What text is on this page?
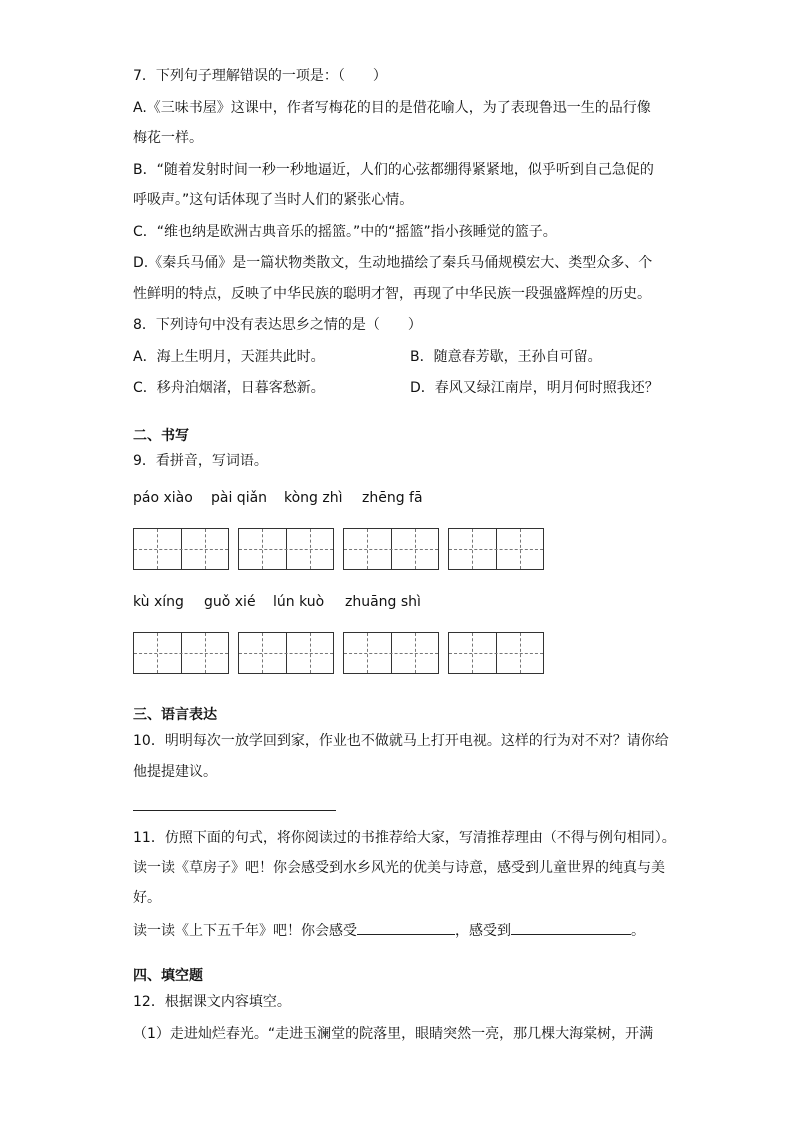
7．下列句子理解错误的一项是：（　　）
A.《三味书屋》这课中，作者写梅花的目的是借花喻人，为了表现鲁迅一生的品行像
梅花一样。
B．“随着发射时间一秒一秒地逼近，人们的心弦都绷得紧紧地，似乎听到自己急促的
呼吸声。”这句话体现了当时人们的紧张心情。
C．“维也纳是欧洲古典音乐的摇篮。”中的“摇篮”指小孩睡觉的篮子。
D.《秦兵马俑》是一篇状物类散文，生动地描绘了秦兵马俑规模宏大、类型众多、个
性鲜明的特点，反映了中华民族的聪明才智，再现了中华民族一段强盛辉煌的历史。
8．下列诗句中没有表达思乡之情的是（　　）
A．海上生明月，天涯共此时。	B．随意春芳歇，王孙自可留。
C．移舟泊烟渚，日暮客愁新。	D．春风又绿江南岸，明月何时照我还？
二、书写
9．看拼音，写词语。
páo xiào pài qiǎn kòng zhì zhēng fā
kù xíng guǒ xié lún kuò zhuāng shì
三、语言表达
10．明明每次一放学回到家，作业也不做就马上打开电视。这样的行为对不对？请你给
他提提建议。
11．仿照下面的句式，将你阅读过的书推荐给大家，写清推荐理由（不得与例句相同）。
读一读《草房子》吧！你会感受到水乡风光的优美与诗意，感受到儿童世界的纯真与美
好。
读一读《上下五千年》吧！你会感受	，感受到	。
四、填空题
12．根据课文内容填空。
（1）走进灿烂春光。“走进玉澜堂的院落里，眼睛突然一亮，那几棵大海棠树，开满
